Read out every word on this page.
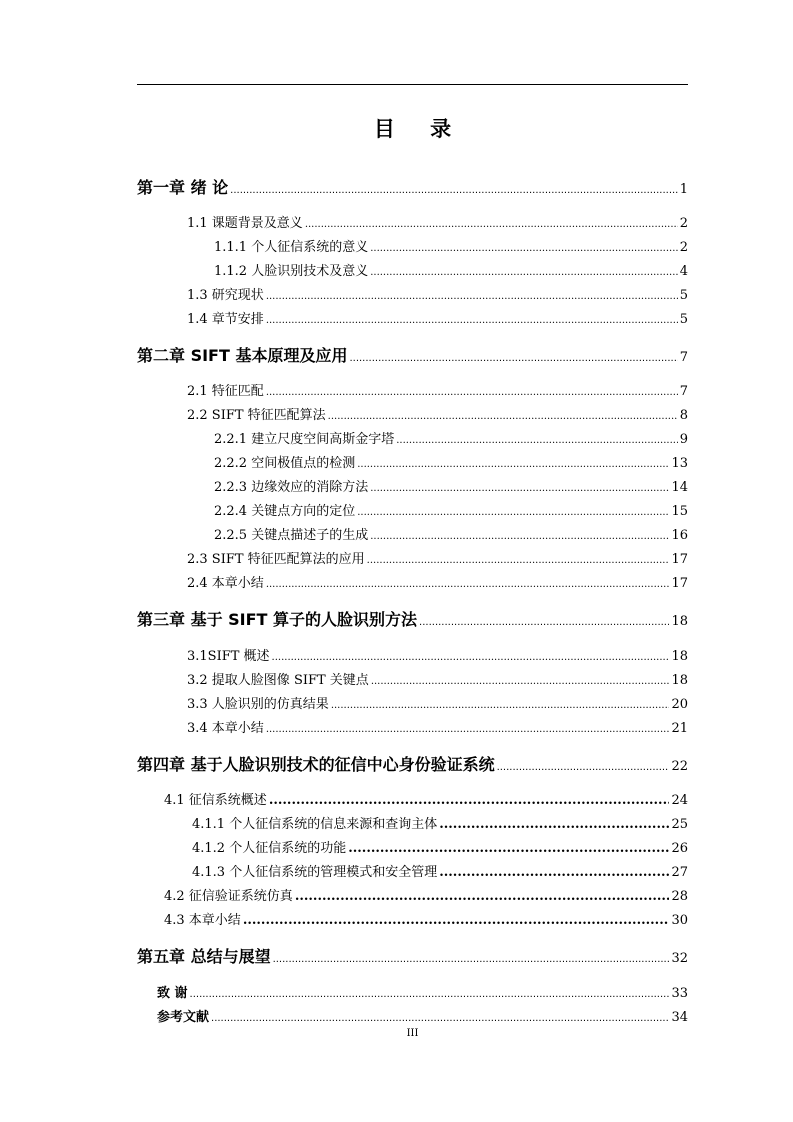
目 录
第一章 绪 论 .....	1
1.1 课题背景及意义 .....	2
1.1.1 个人征信系统的意义 .....	2
1.1.2 人脸识别技术及意义 .....	4
1.3 研究现状 .....	5
1.4 章节安排 .....	5
第二章 SIFT 基本原理及应用 .....	7
2.1 特征匹配 .....	7
2.2 SIFT 特征匹配算法 .....	8
2.2.1 建立尺度空间高斯金字塔 .....	9
2.2.2 空间极值点的检测 .....	13
2.2.3 边缘效应的消除方法 .....	14
2.2.4 关键点方向的定位 .....	15
2.2.5 关键点描述子的生成 .....	16
2.3 SIFT 特征匹配算法的应用 .....	17
2.4 本章小结 .....	17
第三章 基于 SIFT 算子的人脸识别方法 .....	18
3.1SIFT 概述 .....	18
3.2 提取人脸图像 SIFT 关键点 .....	18
3.3 人脸识别的仿真结果 .....	20
3.4 本章小结 .....	21
第四章 基于人脸识别技术的征信中心身份验证系统 .....	22
4.1 征信系统概述 .....	24
4.1.1 个人征信系统的信息来源和查询主体 .....	25
4.1.2 个人征信系统的功能 .....	26
4.1.3 个人征信系统的管理模式和安全管理 .....	27
4.2 征信验证系统仿真 .....	28
4.3 本章小结 .....	30
第五章 总结与展望 .....	32
致 谢 .....	33
参考文献 .....	34
III
